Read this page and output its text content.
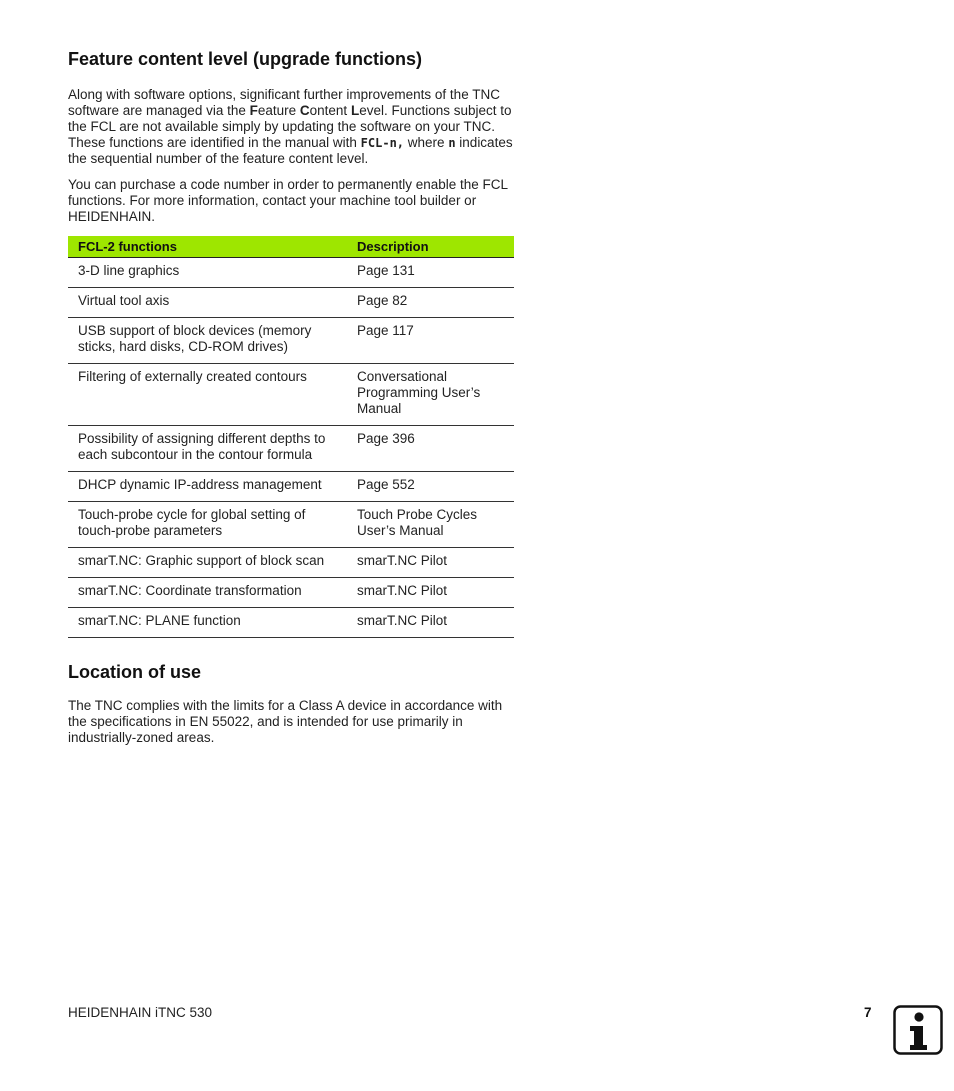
Feature content level (upgrade functions)

Along with software options, significant further improvements of the TNC software are managed via the Feature Content Level. Functions subject to the FCL are not available simply by updating the software on your TNC. These functions are identified in the manual with FCL-n, where n indicates the sequential number of the feature content level.

You can purchase a code number in order to permanently enable the FCL functions. For more information, contact your machine tool builder or HEIDENHAIN.

FCL-2 functions	Description
3-D line graphics	Page 131
Virtual tool axis	Page 82
USB support of block devices (memory sticks, hard disks, CD-ROM drives)	Page 117
Filtering of externally created contours	Conversational Programming User’s Manual
Possibility of assigning different depths to each subcontour in the contour formula	Page 396
DHCP dynamic IP-address management	Page 552
Touch-probe cycle for global setting of touch-probe parameters	Touch Probe Cycles User’s Manual
smarT.NC: Graphic support of block scan	smarT.NC Pilot
smarT.NC: Coordinate transformation	smarT.NC Pilot
smarT.NC: PLANE function	smarT.NC Pilot
Location of use

The TNC complies with the limits for a Class A device in accordance with the specifications in EN 55022, and is intended for use primarily in industrially-zoned areas.

HEIDENHAIN iTNC 530	7
